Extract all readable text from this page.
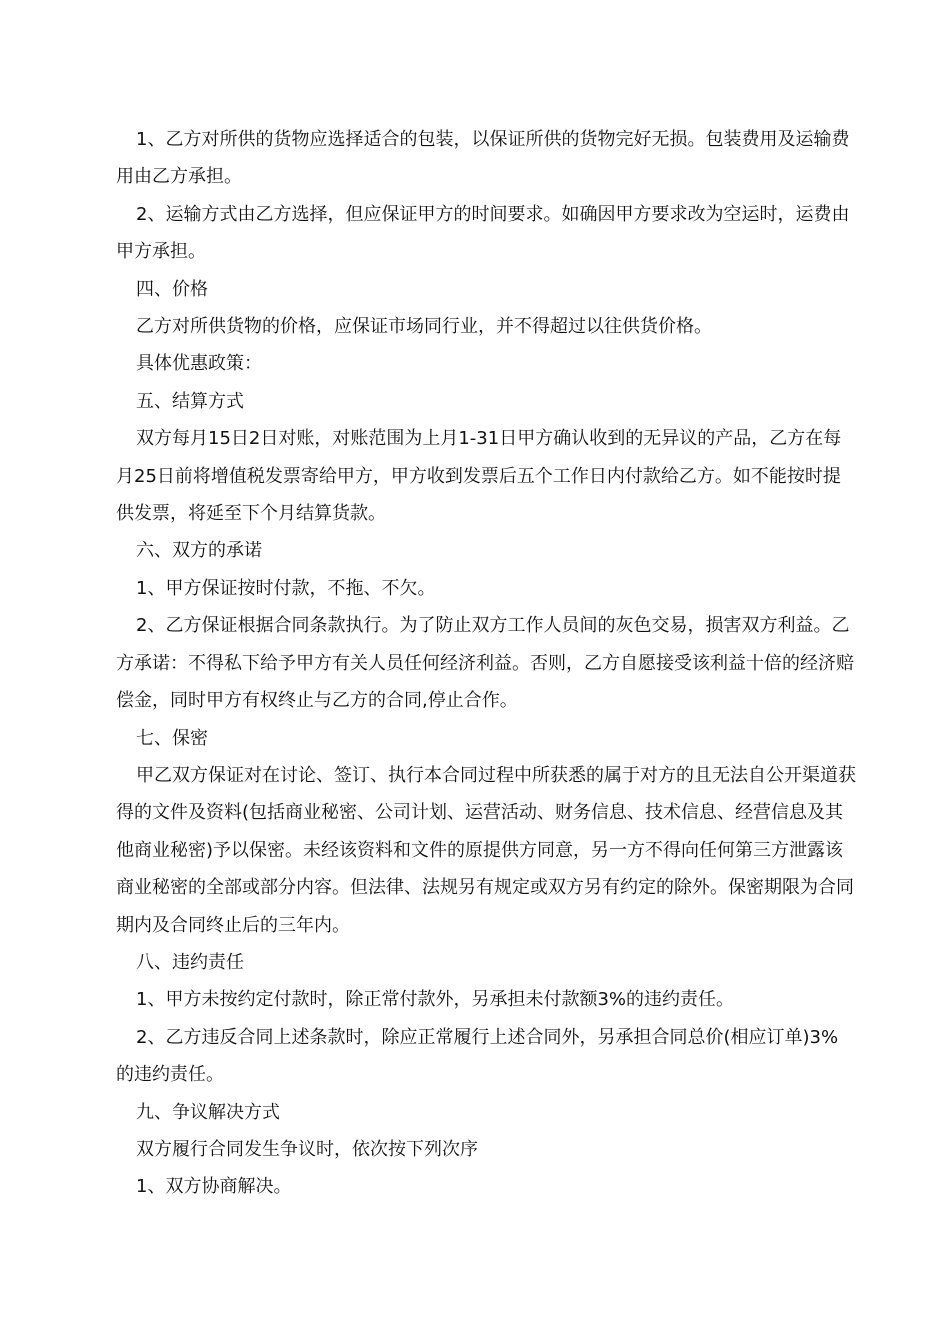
1、乙方对所供的货物应选择适合的包装，以保证所供的货物完好无损。包装费用及运输费用由乙方承担。

2、运输方式由乙方选择，但应保证甲方的时间要求。如确因甲方要求改为空运时，运费由甲方承担。

四、价格

乙方对所供货物的价格，应保证市场同行业，并不得超过以往供货价格。

具体优惠政策：

五、结算方式

双方每月15日2日对账，对账范围为上月1-31日甲方确认收到的无异议的产品，乙方在每月25日前将增值税发票寄给甲方，甲方收到发票后五个工作日内付款给乙方。如不能按时提供发票，将延至下个月结算货款。

六、双方的承诺

1、甲方保证按时付款，不拖、不欠。

2、乙方保证根据合同条款执行。为了防止双方工作人员间的灰色交易，损害双方利益。乙方承诺：不得私下给予甲方有关人员任何经济利益。否则，乙方自愿接受该利益十倍的经济赔偿金，同时甲方有权终止与乙方的合同,停止合作。

七、保密

甲乙双方保证对在讨论、签订、执行本合同过程中所获悉的属于对方的且无法自公开渠道获得的文件及资料(包括商业秘密、公司计划、运营活动、财务信息、技术信息、经营信息及其他商业秘密)予以保密。未经该资料和文件的原提供方同意，另一方不得向任何第三方泄露该商业秘密的全部或部分内容。但法律、法规另有规定或双方另有约定的除外。保密期限为合同期内及合同终止后的三年内。

八、违约责任

1、甲方未按约定付款时，除正常付款外，另承担未付款额3%的违约责任。

2、乙方违反合同上述条款时，除应正常履行上述合同外，另承担合同总价(相应订单)3%的违约责任。

九、争议解决方式

双方履行合同发生争议时，依次按下列次序

1、双方协商解决。
